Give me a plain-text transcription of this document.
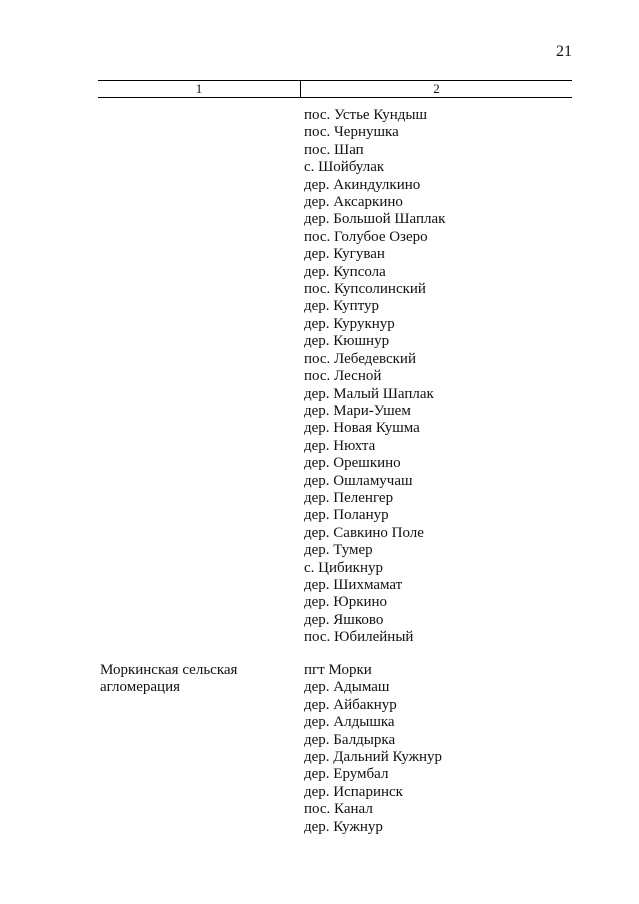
21
1	2
пос. Устье Кундыш
пос. Чернушка
пос. Шап
с. Шойбулак
дер. Акиндулкино
дер. Аксаркино
дер. Большой Шаплак
пос. Голубое Озеро
дер. Кугуван
дер. Купсола
пос. Купсолинский
дер. Куптур
дер. Курукнур
дер. Кюшнур
пос. Лебедевский
пос. Лесной
дер. Малый Шаплак
дер. Мари-Ушем
дер. Новая Кушма
дер. Нюхта
дер. Орешкино
дер. Ошламучаш
дер. Пеленгер
дер. Поланур
дер. Савкино Поле
дер. Тумер
с. Цибикнур
дер. Шихмамат
дер. Юркино
дер. Яшково
пос. Юбилейный
Моркинская сельская
агломерация
пгт Морки
дер. Адымаш
дер. Айбакнур
дер. Алдышка
дер. Балдырка
дер. Дальний Кужнур
дер. Ерумбал
дер. Испаринск
пос. Канал
дер. Кужнур
